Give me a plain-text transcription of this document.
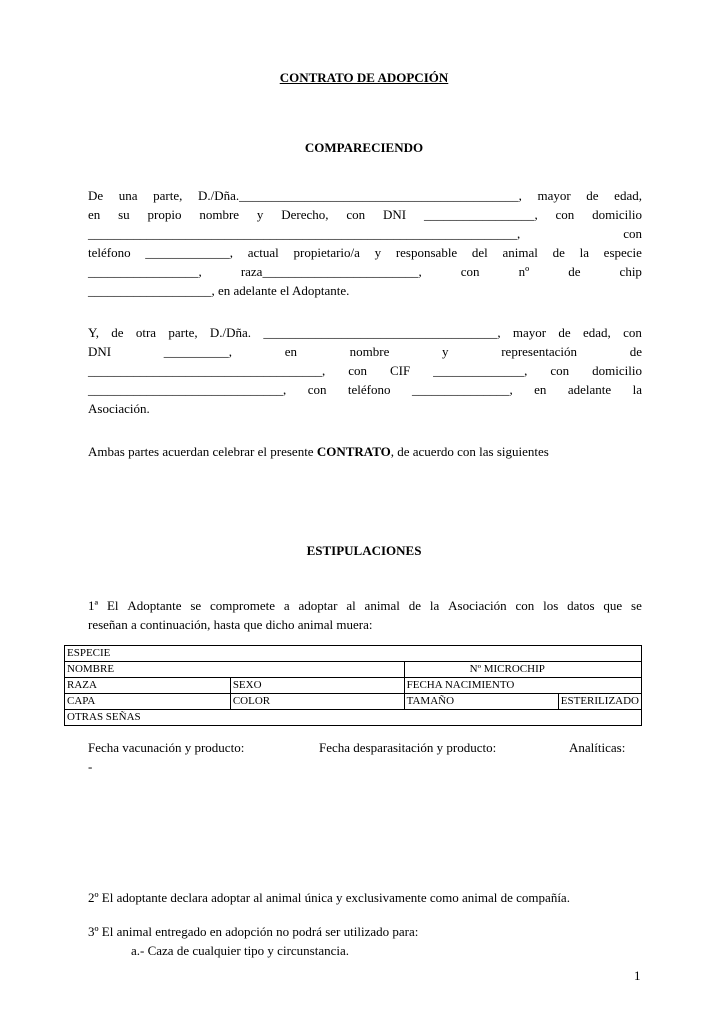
CONTRATO DE ADOPCIÓN
COMPARECIENDO
De una parte, D./Dña.___________________________________________, mayor de edad,
en su propio nombre y Derecho, con DNI _________________, con domicilio
__________________________________________________________________,	con
teléfono _____________, actual propietario/a y responsable del animal de la especie
_________________,	raza________________________,	con	nº	de	chip
___________________, en adelante el Adoptante.
Y, de otra parte, D./Dña. ____________________________________, mayor de edad, con
DNI	__________,	en	nombre	y	representación	de
____________________________________, con CIF ______________, con domicilio
______________________________, con teléfono _______________, en adelante la
Asociación.
Ambas partes acuerdan celebrar el presente CONTRATO, de acuerdo con las siguientes
ESTIPULACIONES
1ª El Adoptante se compromete a adoptar al animal de la Asociación con los datos que se
reseñan a continuación, hasta que dicho animal muera:
ESPECIE			
NOMBRE		Nº MICROCHIP	
RAZA	SEXO	FECHA NACIMIENTO	
CAPA	COLOR	TAMAÑO	ESTERILIZADO
OTRAS SEÑAS			
Fecha vacunación y producto:	Fecha desparasitación y producto:	Analíticas:
-
2º El adoptante declara adoptar al animal única y exclusivamente como animal de compañía.
3º El animal entregado en adopción no podrá ser utilizado para:
a.- Caza de cualquier tipo y circunstancia.
1
